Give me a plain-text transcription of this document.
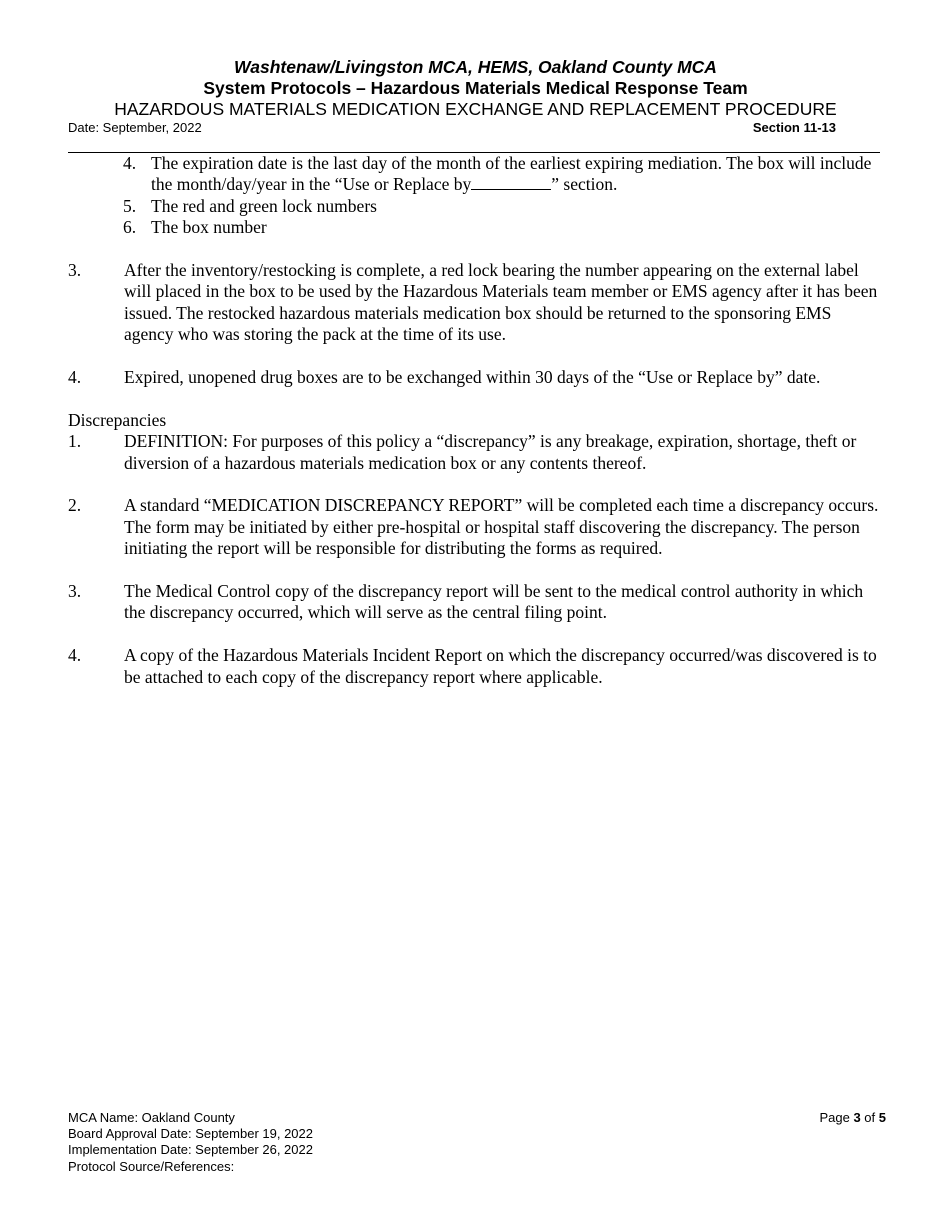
Washtenaw/Livingston MCA, HEMS, Oakland County MCA
System Protocols – Hazardous Materials Medical Response Team
HAZARDOUS MATERIALS MEDICATION EXCHANGE AND REPLACEMENT PROCEDURE
Date: September, 2022	Section 11-13
4. The expiration date is the last day of the month of the earliest expiring mediation. The box will include the month/day/year in the “Use or Replace by	” section.
5. The red and green lock numbers
6. The box number
3.	After the inventory/restocking is complete, a red lock bearing the number appearing on the external label will placed in the box to be used by the Hazardous Materials team member or EMS agency after it has been issued. The restocked hazardous materials medication box should be returned to the sponsoring EMS agency who was storing the pack at the time of its use.
4.	Expired, unopened drug boxes are to be exchanged within 30 days of the “Use or Replace by” date.
Discrepancies
1.	DEFINITION: For purposes of this policy a “discrepancy” is any breakage, expiration, shortage, theft or diversion of a hazardous materials medication box or any contents thereof.
2.	A standard “MEDICATION DISCREPANCY REPORT” will be completed each time a discrepancy occurs. The form may be initiated by either pre-hospital or hospital staff discovering the discrepancy. The person initiating the report will be responsible for distributing the forms as required.
3.	The Medical Control copy of the discrepancy report will be sent to the medical control authority in which the discrepancy occurred, which will serve as the central filing point.
4.	A copy of the Hazardous Materials Incident Report on which the discrepancy occurred/was discovered is to be attached to each copy of the discrepancy report where applicable.
MCA Name: Oakland County
Board Approval Date: September 19, 2022
Implementation Date: September 26, 2022
Protocol Source/References:
Page 3 of 5
